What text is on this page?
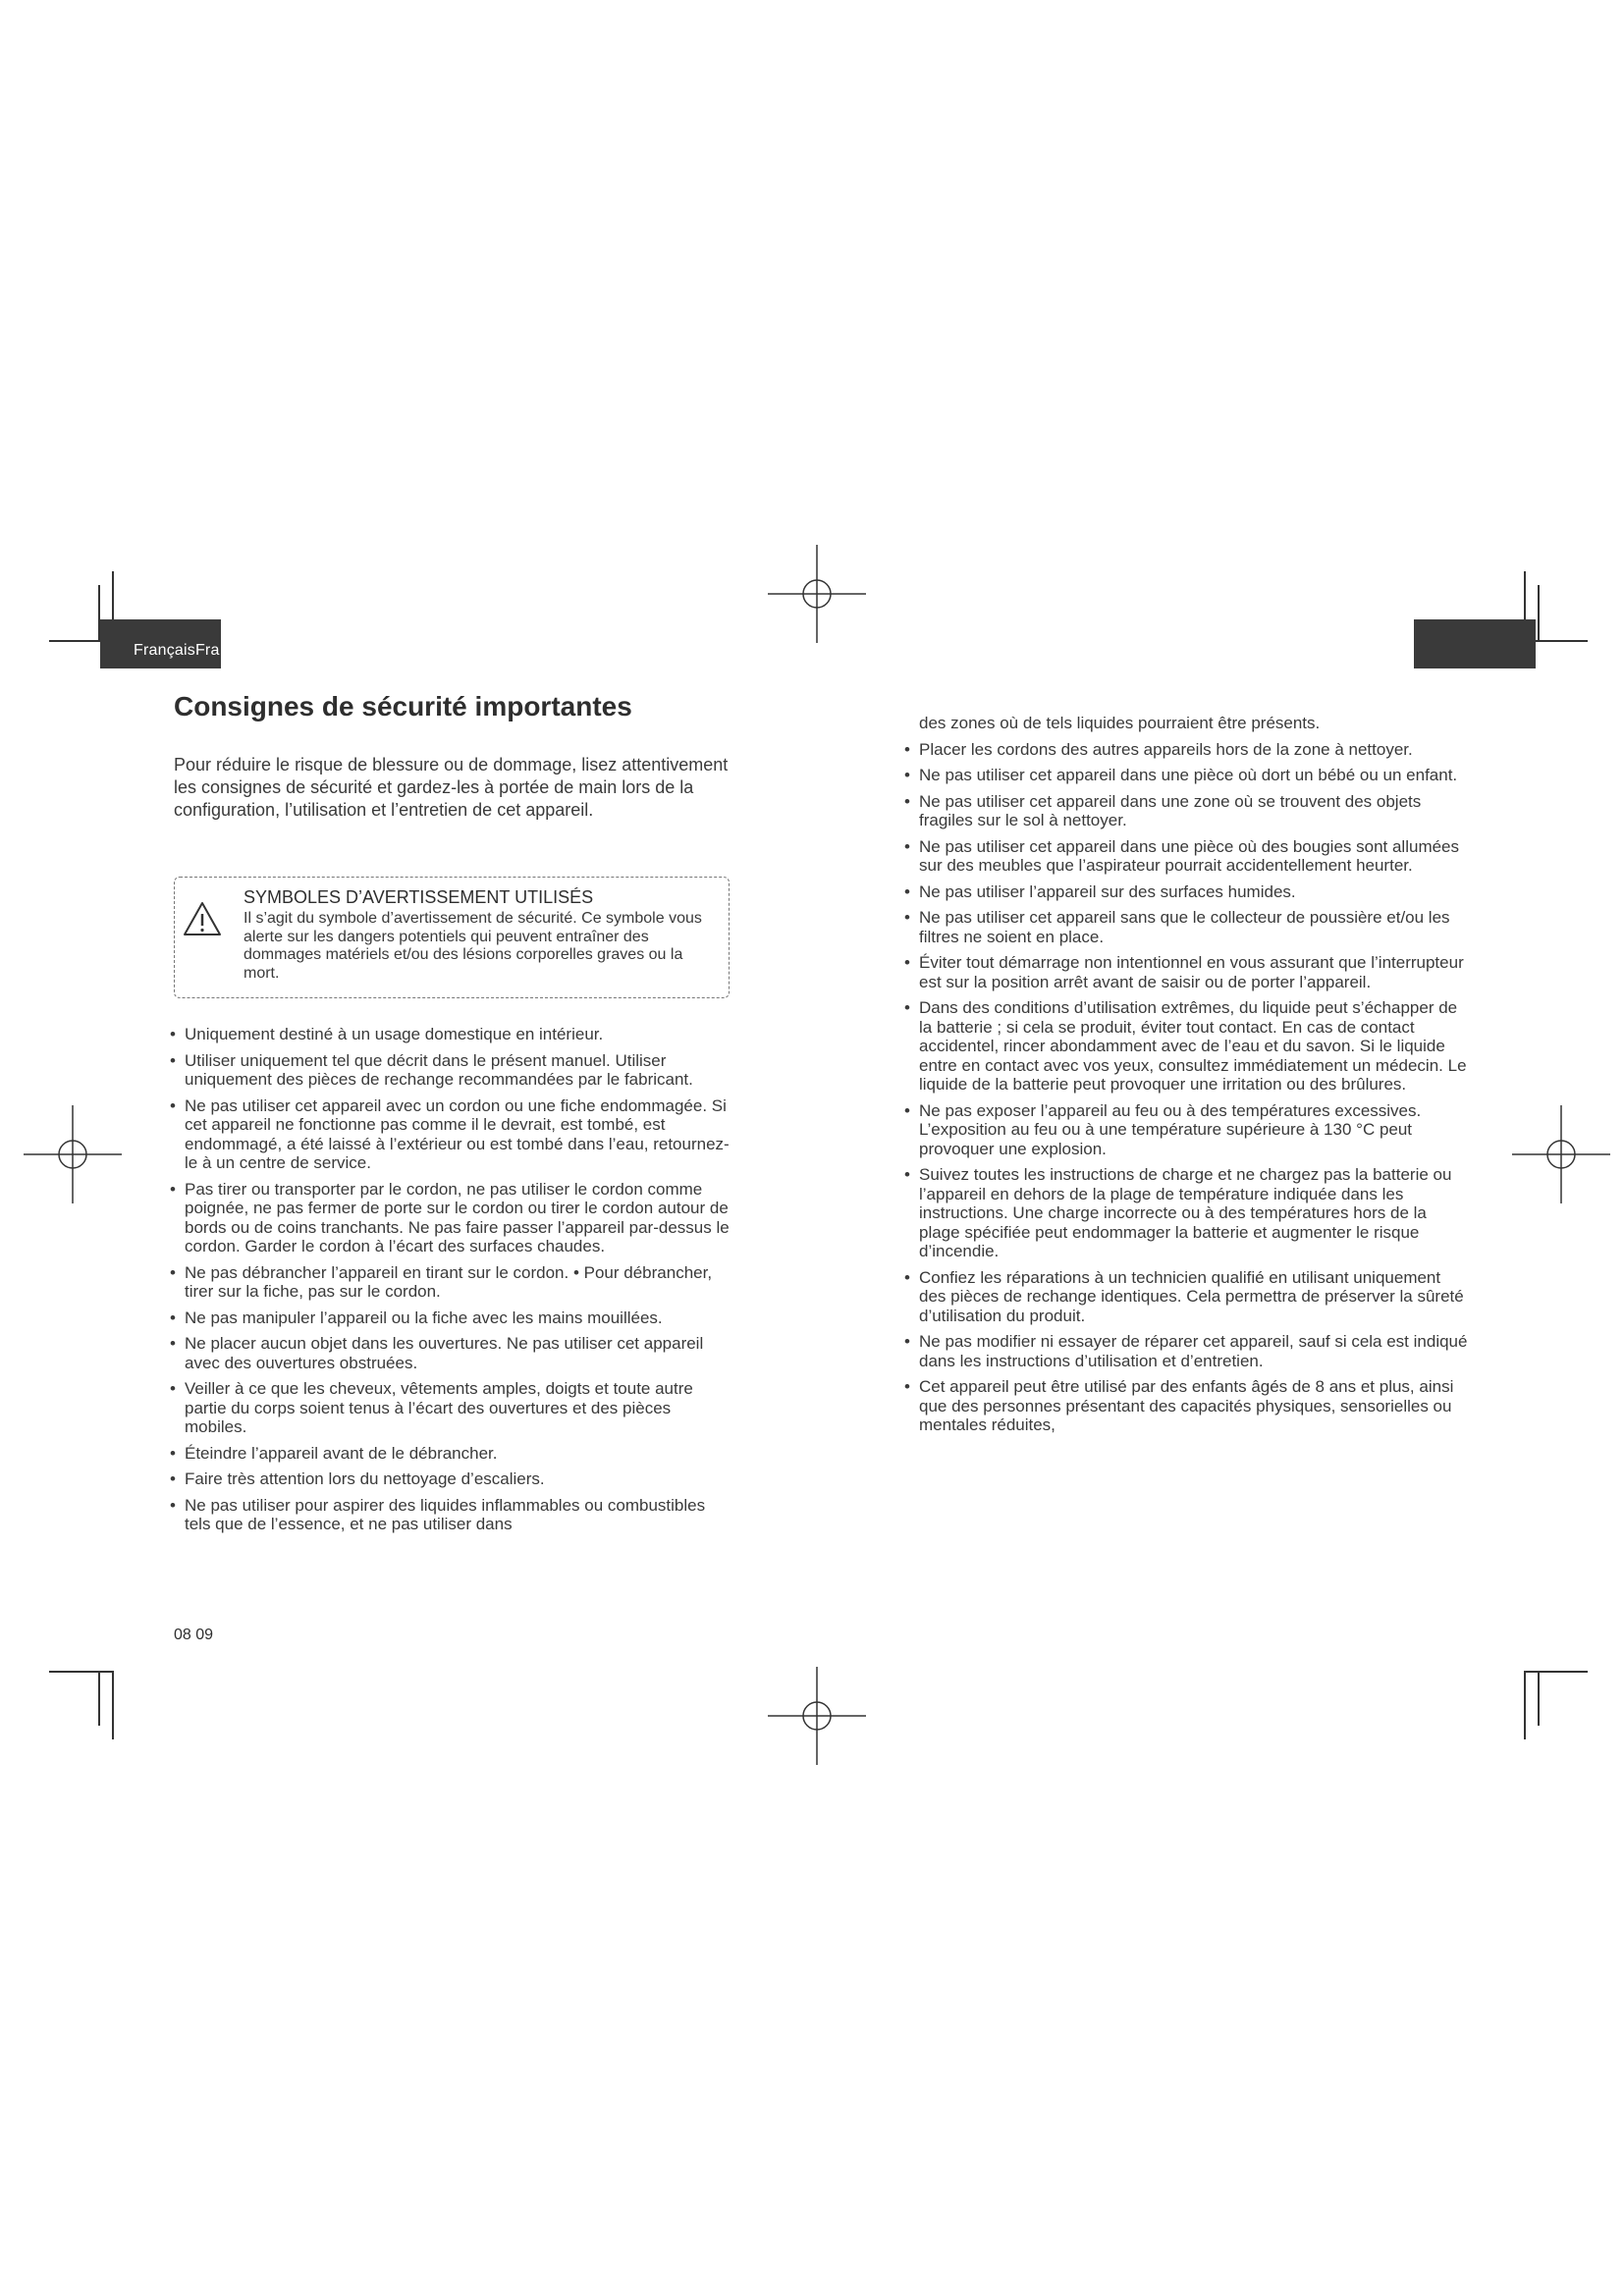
FrançaisFra
Consignes de sécurité importantes

Pour réduire le risque de blessure ou de dommage, lisez attentivement les consignes de sécurité et gardez-les à portée de main lors de la configuration, l’utilisation et l’entretien de cet appareil.

SYMBOLES D’AVERTISSEMENT UTILISÉS

Il s’agit du symbole d’avertissement de sécurité. Ce symbole vous alerte sur les dangers potentiels qui peuvent entraîner des dommages matériels et/ou des lésions corporelles graves ou la mort.

• Uniquement destiné à un usage domestique en intérieur.
• Utiliser uniquement tel que décrit dans le présent manuel. Utiliser uniquement des pièces de rechange recommandées par le fabricant.
• Ne pas utiliser cet appareil avec un cordon ou une fiche endommagée. Si cet appareil ne fonctionne pas comme il le devrait, est tombé, est endommagé, a été laissé à l’extérieur ou est tombé dans l’eau, retournez-le à un centre de service.
• Pas tirer ou transporter par le cordon, ne pas utiliser le cordon comme poignée, ne pas fermer de porte sur le cordon ou tirer le cordon autour de bords ou de coins tranchants. Ne pas faire passer l’appareil par-dessus le cordon. Garder le cordon à l’écart des surfaces chaudes.
• Ne pas débrancher l’appareil en tirant sur le cordon. • Pour débrancher, tirer sur la fiche, pas sur le cordon.
• Ne pas manipuler l’appareil ou la fiche avec les mains mouillées.
• Ne placer aucun objet dans les ouvertures. Ne pas utiliser cet appareil avec des ouvertures obstruées.
• Veiller à ce que les cheveux, vêtements amples, doigts et toute autre partie du corps soient tenus à l’écart des ouvertures et des pièces mobiles.
• Éteindre l’appareil avant de le débrancher.
• Faire très attention lors du nettoyage d’escaliers.
• Ne pas utiliser pour aspirer des liquides inflammables ou combustibles tels que de l’essence, et ne pas utiliser dans
08 09
des zones où de tels liquides pourraient être présents.
• Placer les cordons des autres appareils hors de la zone à nettoyer.
• Ne pas utiliser cet appareil dans une pièce où dort un bébé ou un enfant.
• Ne pas utiliser cet appareil dans une zone où se trouvent des objets fragiles sur le sol à nettoyer.
• Ne pas utiliser cet appareil dans une pièce où des bougies sont allumées sur des meubles que l’aspirateur pourrait accidentellement heurter.
• Ne pas utiliser l’appareil sur des surfaces humides.
• Ne pas utiliser cet appareil sans que le collecteur de poussière et/ou les filtres ne soient en place.
• Éviter tout démarrage non intentionnel en vous assurant que l’interrupteur est sur la position arrêt avant de saisir ou de porter l’appareil.
• Dans des conditions d’utilisation extrêmes, du liquide peut s’échapper de la batterie ; si cela se produit, éviter tout contact. En cas de contact accidentel, rincer abondamment avec de l’eau et du savon. Si le liquide entre en contact avec vos yeux, consultez immédiatement un médecin. Le liquide de la batterie peut provoquer une irritation ou des brûlures.
• Ne pas exposer l’appareil au feu ou à des températures excessives. L’exposition au feu ou à une température supérieure à 130 °C peut provoquer une explosion.
• Suivez toutes les instructions de charge et ne chargez pas la batterie ou l’appareil en dehors de la plage de température indiquée dans les instructions. Une charge incorrecte ou à des températures hors de la plage spécifiée peut endommager la batterie et augmenter le risque d’incendie.
• Confiez les réparations à un technicien qualifié en utilisant uniquement des pièces de rechange identiques. Cela permettra de préserver la sûreté d’utilisation du produit.
• Ne pas modifier ni essayer de réparer cet appareil, sauf si cela est indiqué dans les instructions d’utilisation et d’entretien.
• Cet appareil peut être utilisé par des enfants âgés de 8 ans et plus, ainsi que des personnes présentant des capacités physiques, sensorielles ou mentales réduites,
